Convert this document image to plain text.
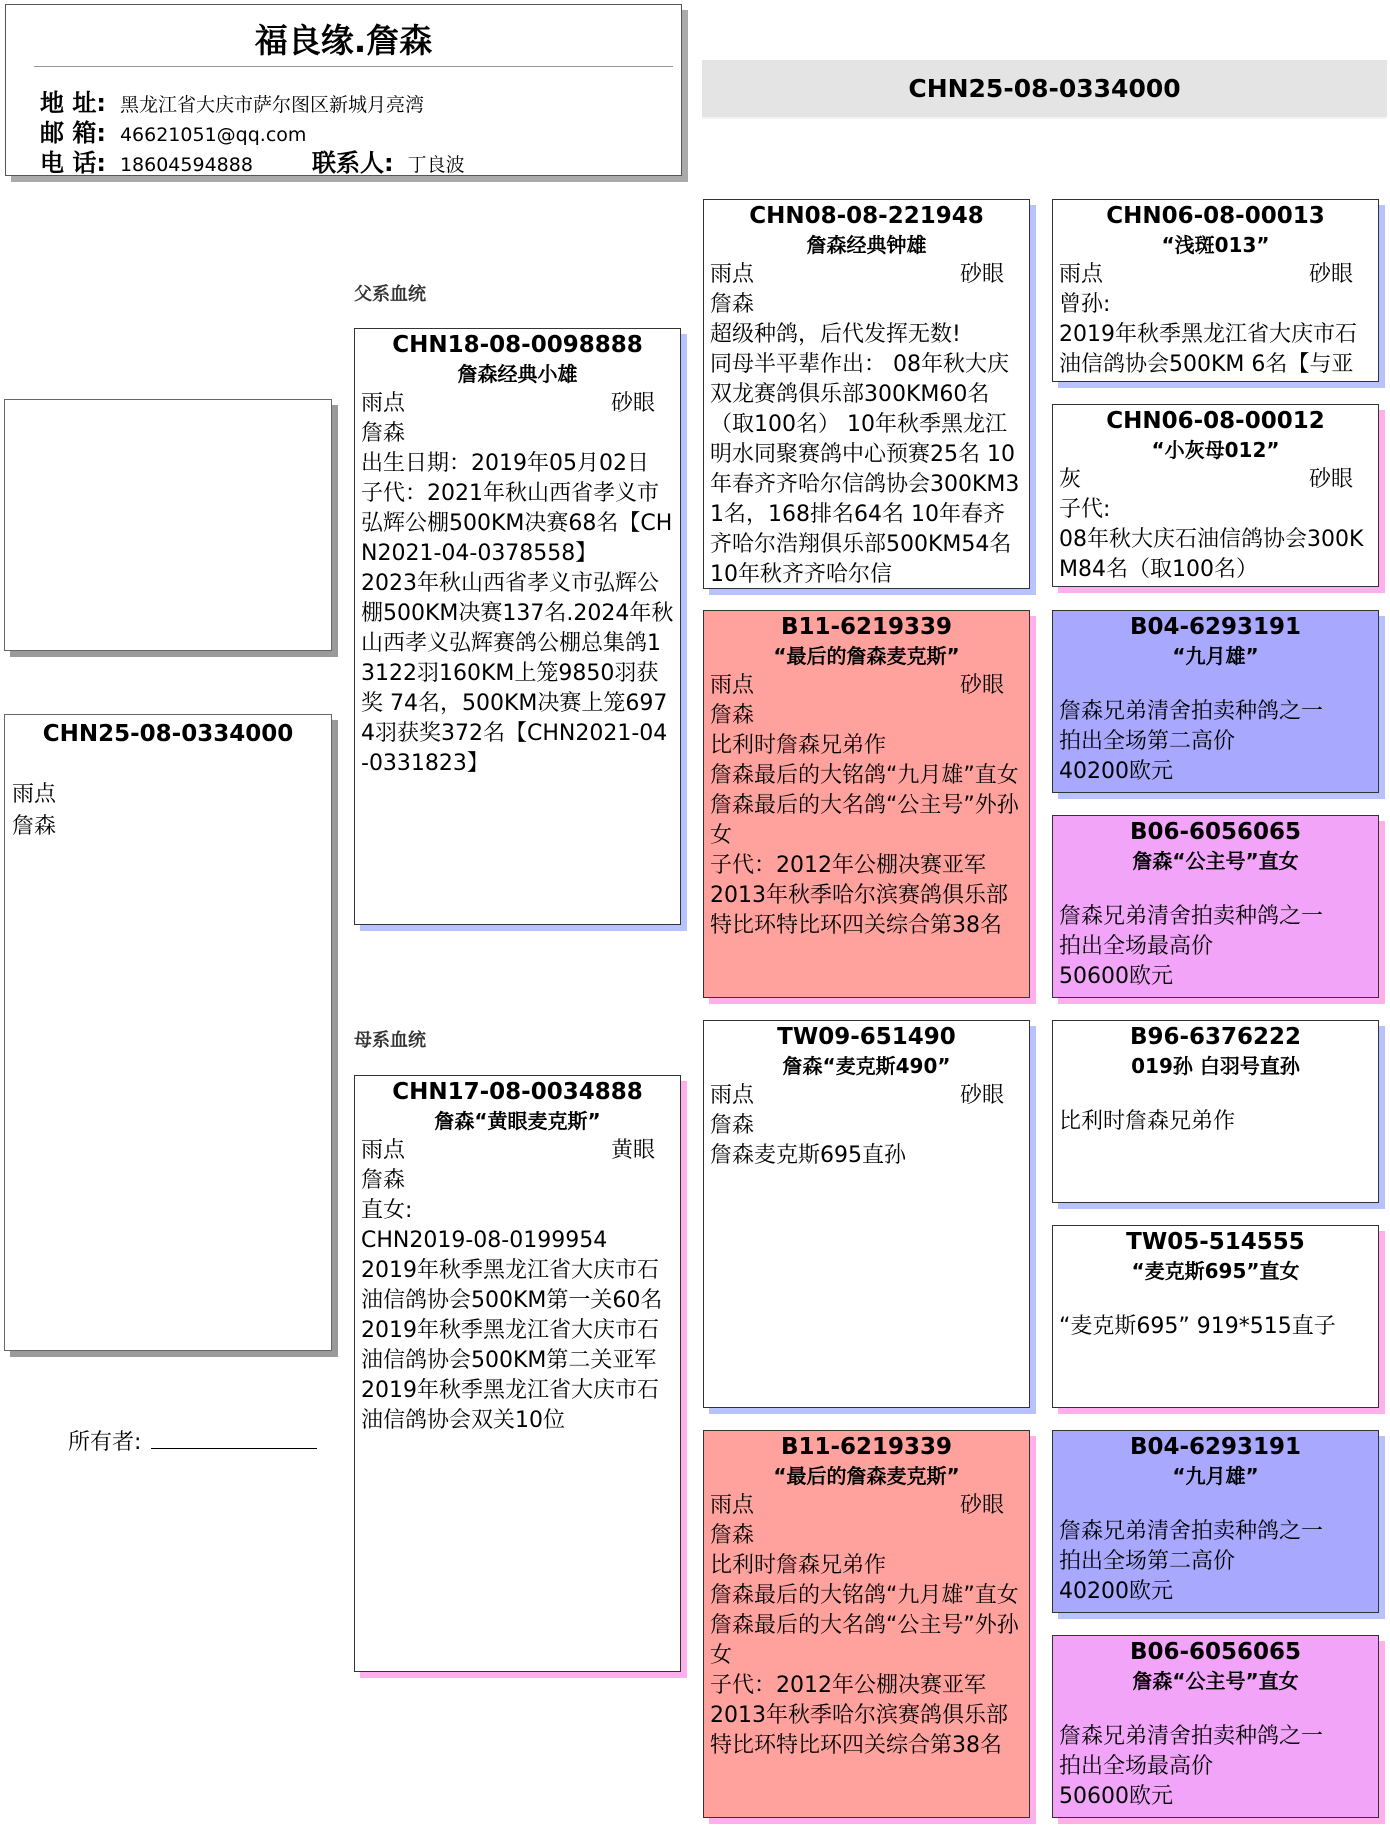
福良缘.詹森
地 址: 黑龙江省大庆市萨尔图区新城月亮湾
邮 箱: 46621051@qq.com
电 话: 18604594888 联系人: 丁良波
CHN25-08-0334000
CHN25-08-0334000
雨点
詹森
所有者:
父系血统
母系血统
CHN18-08-0098888
詹森经典小雄
雨点	砂眼
詹森
出生日期：2019年05月02日
子代：2021年秋山西省孝义市弘辉公棚500KM决赛68名【CHN2021-04-0378558】
2023年秋山西省孝义市弘辉公棚500KM决赛137名.2024年秋山西孝义弘辉赛鸽公棚总集鸽13122羽160KM上笼9850羽获奖 74名，500KM决赛上笼6974羽获奖372名【CHN2021-04-0331823】
CHN17-08-0034888
詹森“黄眼麦克斯”
雨点	黄眼
詹森
直女:
CHN2019-08-0199954
2019年秋季黑龙江省大庆市石油信鸽协会500KM第一关60名
2019年秋季黑龙江省大庆市石油信鸽协会500KM第二关亚军
2019年秋季黑龙江省大庆市石油信鸽协会双关10位
CHN08-08-221948
詹森经典钟雄
雨点	砂眼
詹森
超级种鸽，后代发挥无数!
同母半平辈作出： 08年秋大庆双龙赛鸽俱乐部300KM60名（取100名） 10年秋季黑龙江明水同聚赛鸽中心预赛25名 10年春齐齐哈尔信鸽协会300KM31名，168排名64名 10年春齐齐哈尔浩翔俱乐部500KM54名 10年秋齐齐哈尔信
B11-6219339
“最后的詹森麦克斯”
雨点	砂眼
詹森
比利时詹森兄弟作
詹森最后的大铭鸽“九月雄”直女
詹森最后的大名鸽“公主号”外孙女
子代：2012年公棚决赛亚军
2013年秋季哈尔滨赛鸽俱乐部特比环特比环四关综合第38名
TW09-651490
詹森“麦克斯490”
雨点	砂眼
詹森
詹森麦克斯695直孙
B11-6219339
“最后的詹森麦克斯”
雨点	砂眼
詹森
比利时詹森兄弟作
詹森最后的大铭鸽“九月雄”直女
詹森最后的大名鸽“公主号”外孙女
子代：2012年公棚决赛亚军
2013年秋季哈尔滨赛鸽俱乐部特比环特比环四关综合第38名
CHN06-08-00013
“浅斑013”
雨点	砂眼
曾孙:
2019年秋季黑龙江省大庆市石油信鸽协会500KM 6名【与亚
CHN06-08-00012
“小灰母012”
灰	砂眼
子代:
08年秋大庆石油信鸽协会300KM84名（取100名）
B04-6293191
“九月雄”
詹森兄弟清舍拍卖种鸽之一
拍出全场第二高价
40200欧元
B06-6056065
詹森“公主号”直女
詹森兄弟清舍拍卖种鸽之一
拍出全场最高价
50600欧元
B96-6376222
019孙 白羽号直孙
比利时詹森兄弟作
TW05-514555
“麦克斯695”直女
“麦克斯695” 919*515直子
B04-6293191
“九月雄”
詹森兄弟清舍拍卖种鸽之一
拍出全场第二高价
40200欧元
B06-6056065
詹森“公主号”直女
詹森兄弟清舍拍卖种鸽之一
拍出全场最高价
50600欧元
